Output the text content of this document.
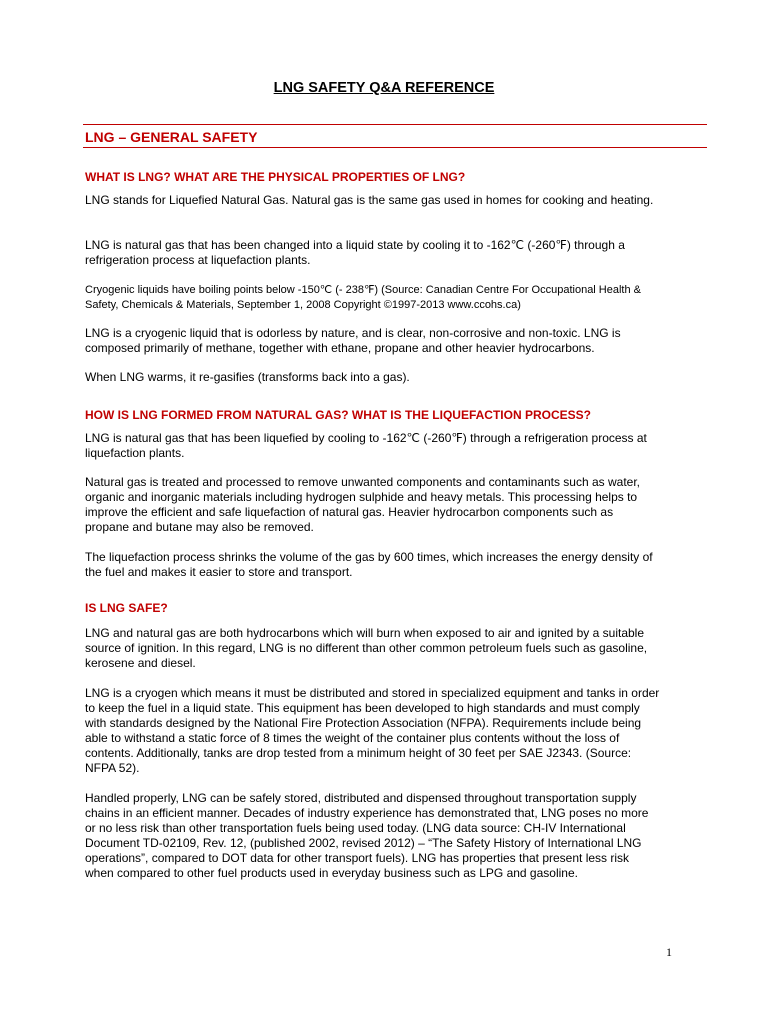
LNG SAFETY Q&A REFERENCE
LNG – GENERAL SAFETY
WHAT IS LNG? WHAT ARE THE PHYSICAL PROPERTIES OF LNG?

LNG stands for Liquefied Natural Gas. Natural gas is the same gas used in homes for cooking and heating.

LNG is natural gas that has been changed into a liquid state by cooling it to -162℃ (-260℉) through a refrigeration process at liquefaction plants.

Cryogenic liquids have boiling points below -150℃ (- 238℉) (Source: Canadian Centre For Occupational Health & Safety, Chemicals & Materials, September 1, 2008 Copyright ©1997-2013 www.ccohs.ca)

LNG is a cryogenic liquid that is odorless by nature, and is clear, non-corrosive and non-toxic. LNG is composed primarily of methane, together with ethane, propane and other heavier hydrocarbons.

When LNG warms, it re-gasifies (transforms back into a gas).

HOW IS LNG FORMED FROM NATURAL GAS? WHAT IS THE LIQUEFACTION PROCESS?

LNG is natural gas that has been liquefied by cooling to -162℃ (-260℉) through a refrigeration process at liquefaction plants.

Natural gas is treated and processed to remove unwanted components and contaminants such as water, organic and inorganic materials including hydrogen sulphide and heavy metals. This processing helps to improve the efficient and safe liquefaction of natural gas. Heavier hydrocarbon components such as propane and butane may also be removed.

The liquefaction process shrinks the volume of the gas by 600 times, which increases the energy density of the fuel and makes it easier to store and transport.

IS LNG SAFE?

LNG and natural gas are both hydrocarbons which will burn when exposed to air and ignited by a suitable source of ignition. In this regard, LNG is no different than other common petroleum fuels such as gasoline, kerosene and diesel.

LNG is a cryogen which means it must be distributed and stored in specialized equipment and tanks in order to keep the fuel in a liquid state. This equipment has been developed to high standards and must comply with standards designed by the National Fire Protection Association (NFPA). Requirements include being able to withstand a static force of 8 times the weight of the container plus contents without the loss of contents. Additionally, tanks are drop tested from a minimum height of 30 feet per SAE J2343. (Source: NFPA 52).

Handled properly, LNG can be safely stored, distributed and dispensed throughout transportation supply chains in an efficient manner. Decades of industry experience has demonstrated that, LNG poses no more or no less risk than other transportation fuels being used today. (LNG data source: CH-IV International Document TD-02109, Rev. 12, (published 2002, revised 2012) – “The Safety History of International LNG operations”, compared to DOT data for other transport fuels). LNG has properties that present less risk when compared to other fuel products used in everyday business such as LPG and gasoline.

1
